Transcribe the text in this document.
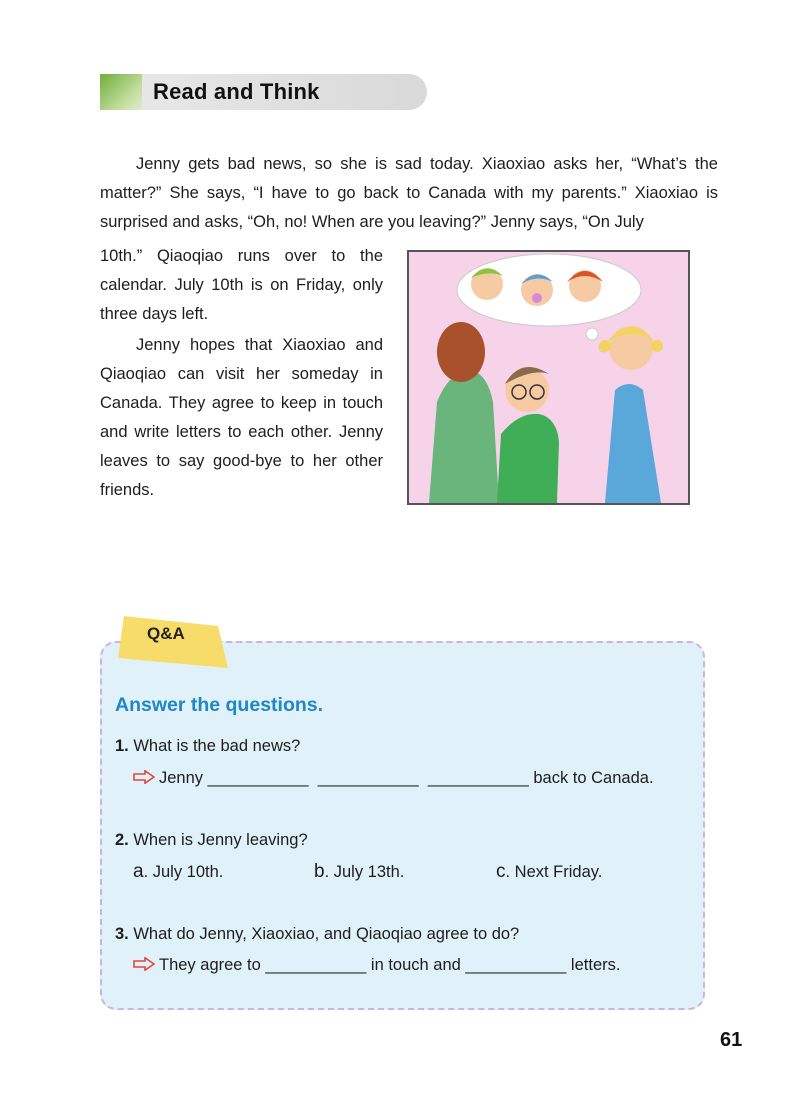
Read and Think

Jenny gets bad news, so she is sad today. Xiaoxiao asks her, “What’s the matter?” She says, “I have to go back to Canada with my parents.” Xiaoxiao is surprised and asks, “Oh, no! When are you leaving?” Jenny says, “On July

10th.” Qiaoqiao runs over to the calendar. July 10th is on Friday, only three days left.

Jenny hopes that Xiaoxiao and Qiaoqiao can visit her someday in Canada. They agree to keep in touch and write letters to each other. Jenny leaves to say good-bye to her other friends.

Q&A
Answer the questions.
1. What is the bad news?
Jenny ___________  ___________  ___________ back to Canada.
2. When is Jenny leaving?
a. July 10th.	b. July 13th.	c. Next Friday.
3. What do Jenny, Xiaoxiao, and Qiaoqiao agree to do?
They agree to ___________ in touch and ___________ letters.
61
